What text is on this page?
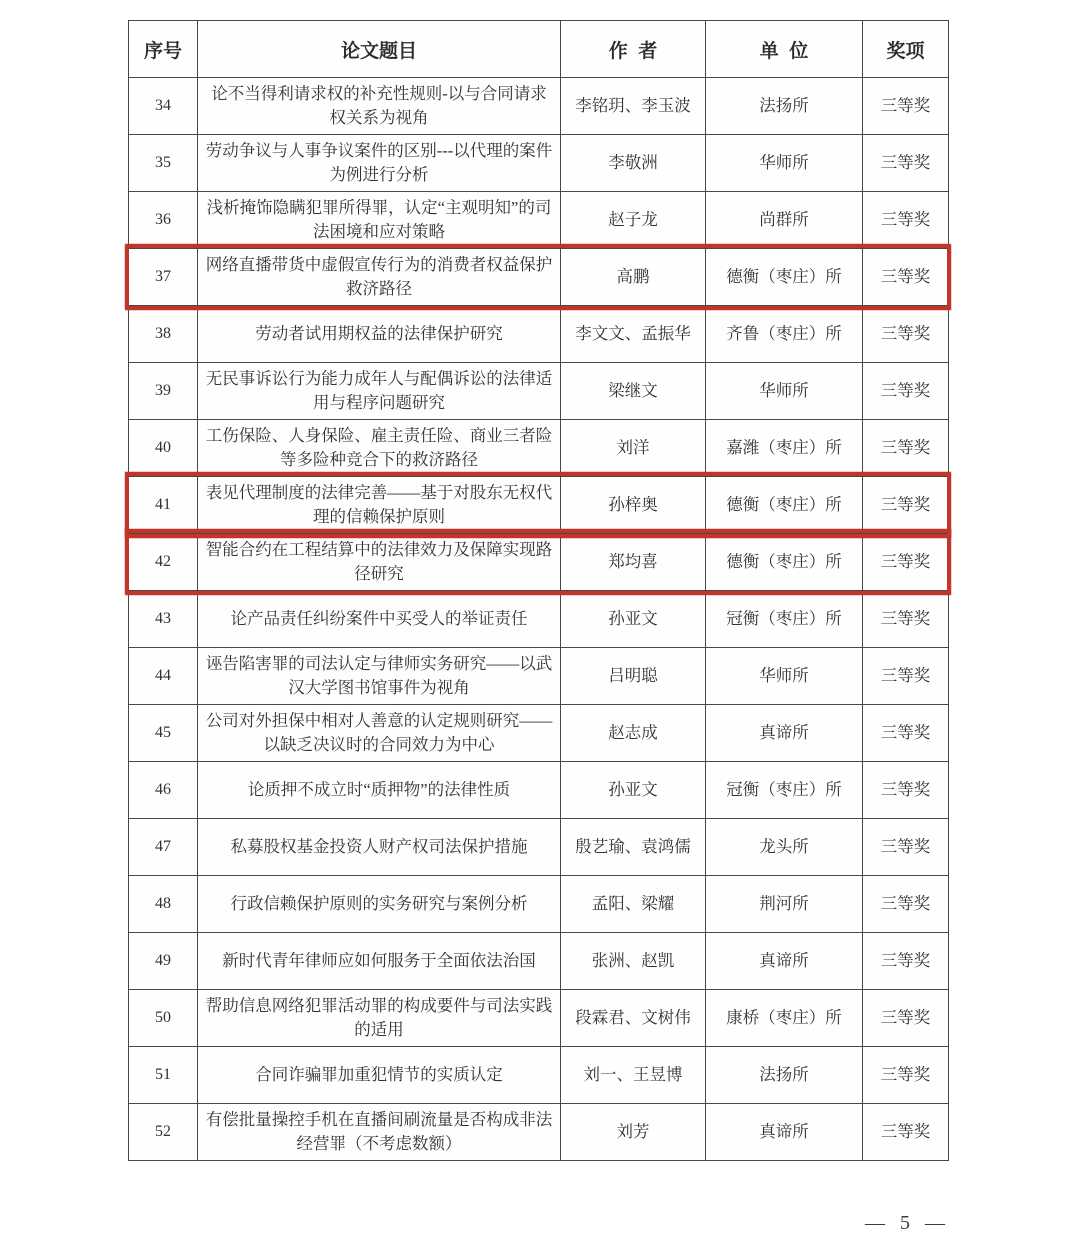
序号	论文题目	作者	单位	奖项
34	论不当得利请求权的补充性规则-以与合同请求权关系为视角	李铭玥、李玉波	法扬所	三等奖
35	劳动争议与人事争议案件的区别---以代理的案件为例进行分析	李敬洲	华师所	三等奖
36	浅析掩饰隐瞒犯罪所得罪，认定“主观明知”的司法困境和应对策略	赵子龙	尚群所	三等奖
37	网络直播带货中虚假宣传行为的消费者权益保护救济路径	高鹏	德衡（枣庄）所	三等奖
38	劳动者试用期权益的法律保护研究	李文文、孟振华	齐鲁（枣庄）所	三等奖
39	无民事诉讼行为能力成年人与配偶诉讼的法律适用与程序问题研究	梁继文	华师所	三等奖
40	工伤保险、人身保险、雇主责任险、商业三者险等多险种竞合下的救济路径	刘洋	嘉潍（枣庄）所	三等奖
41	表见代理制度的法律完善——基于对股东无权代理的信赖保护原则	孙梓奥	德衡（枣庄）所	三等奖
42	智能合约在工程结算中的法律效力及保障实现路径研究	郑均喜	德衡（枣庄）所	三等奖
43	论产品责任纠纷案件中买受人的举证责任	孙亚文	冠衡（枣庄）所	三等奖
44	诬告陷害罪的司法认定与律师实务研究——以武汉大学图书馆事件为视角	吕明聪	华师所	三等奖
45	公司对外担保中相对人善意的认定规则研究——以缺乏决议时的合同效力为中心	赵志成	真谛所	三等奖
46	论质押不成立时“质押物”的法律性质	孙亚文	冠衡（枣庄）所	三等奖
47	私募股权基金投资人财产权司法保护措施	殷艺瑜、袁鸿儒	龙头所	三等奖
48	行政信赖保护原则的实务研究与案例分析	孟阳、梁耀	荆河所	三等奖
49	新时代青年律师应如何服务于全面依法治国	张洲、赵凯	真谛所	三等奖
50	帮助信息网络犯罪活动罪的构成要件与司法实践的适用	段霖君、文树伟	康桥（枣庄）所	三等奖
51	合同诈骗罪加重犯情节的实质认定	刘一、王昱博	法扬所	三等奖
52	有偿批量操控手机在直播间刷流量是否构成非法经营罪（不考虑数额）	刘芳	真谛所	三等奖
— 5 —
